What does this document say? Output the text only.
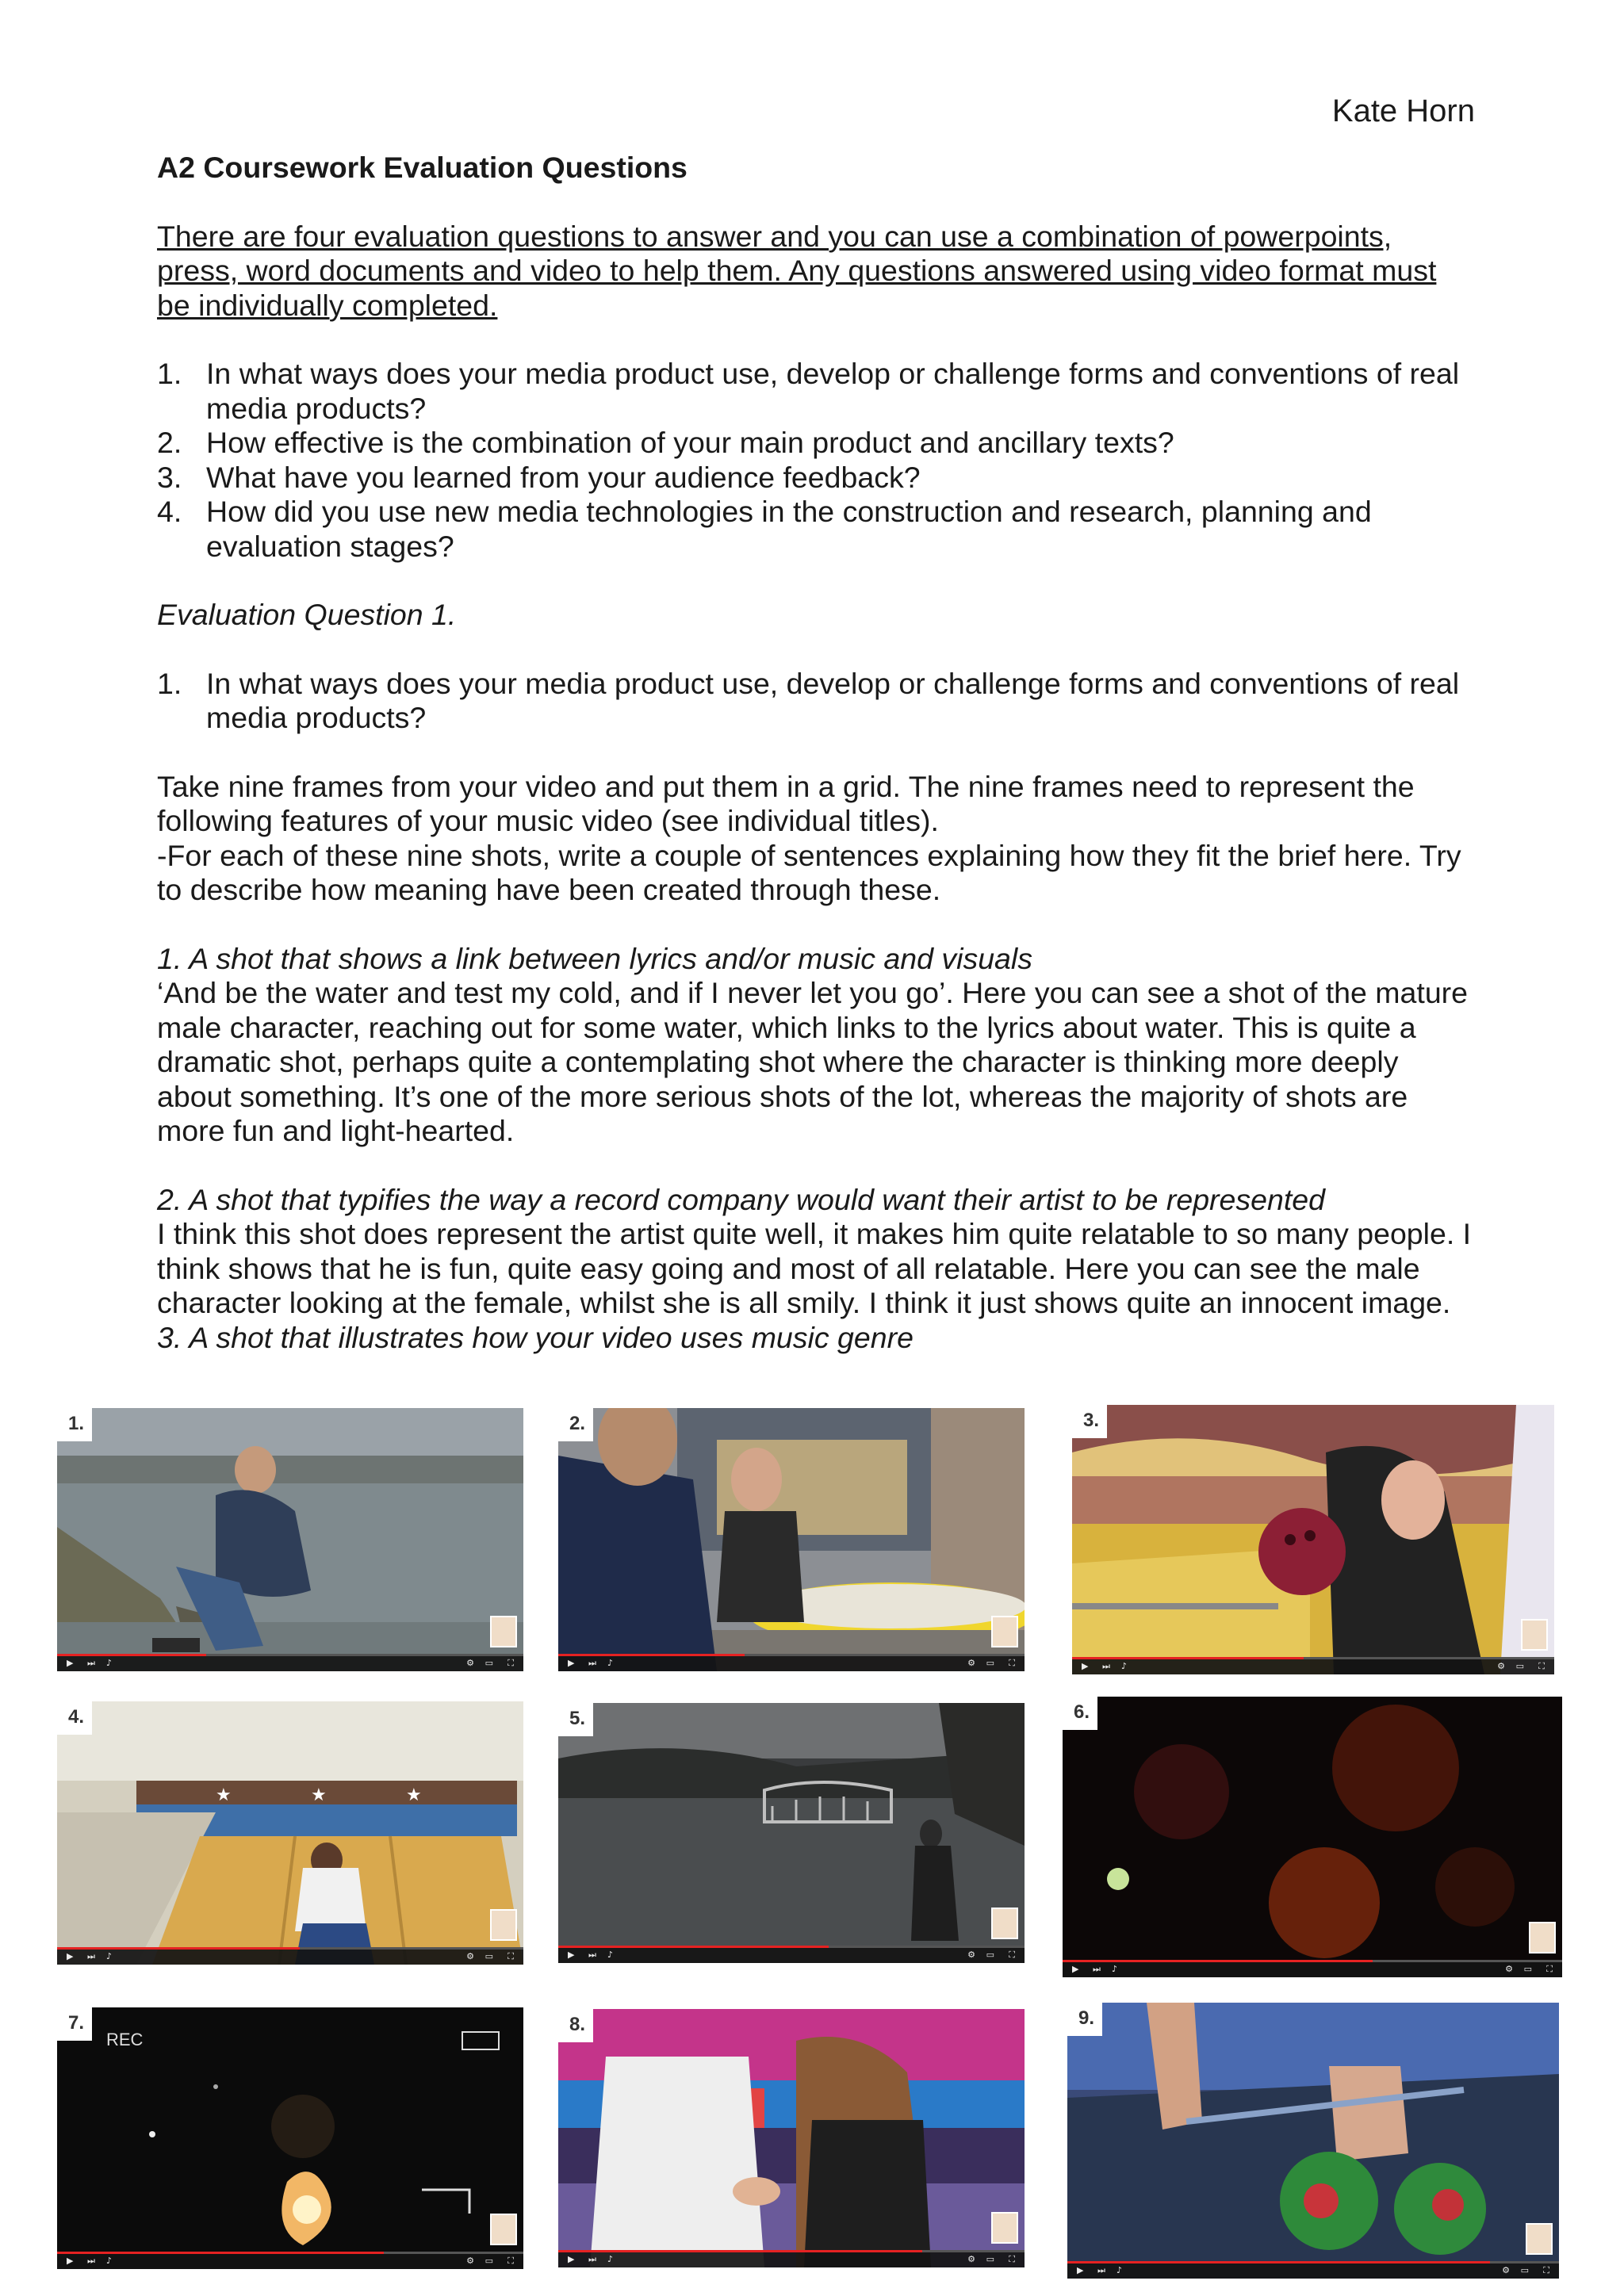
Kate Horn
A2 Coursework Evaluation Questions
There are four evaluation questions to answer and you can use a combination of powerpoints, press, word documents and video to help them. Any questions answered using video format must be individually completed.
1. In what ways does your media product use, develop or challenge forms and conventions of real media products?
2. How effective is the combination of your main product and ancillary texts?
3. What have you learned from your audience feedback?
4. How did you use new media technologies in the construction and research, planning and evaluation stages?
Evaluation Question 1.
1. In what ways does your media product use, develop or challenge forms and conventions of real media products?

Take nine frames from your video and put them in a grid. The nine frames need to represent the following features of your music video (see individual titles).

-For each of these nine shots, write a couple of sentences explaining how they fit the brief here. Try to describe how meaning have been created through these.

1. A shot that shows a link between lyrics and/or music and visuals

‘And be the water and test my cold, and if I never let you go’. Here you can see a shot of the mature male character, reaching out for some water, which links to the lyrics about water. This is quite a dramatic shot, perhaps quite a contemplating shot where the character is thinking more deeply about something. It’s one of the more serious shots of the lot, whereas the majority of shots are more fun and light-hearted.

2. A shot that typifies the way a record company would want their artist to be represented

I think this shot does represent the artist quite well, it makes him quite relatable to so many people. I think shows that he is fun, quite easy going and most of all relatable. Here you can see the male character looking at the female, whilst she is all smily. I think it just shows quite an innocent image.

3. A shot that illustrates how your video uses music genre

▶ ⏭ ♪	⚙ ▭ ⛶
1.
▶ ⏭ ♪	⚙ ▭ ⛶
2.
▶ ⏭ ♪	⚙ ▭ ⛶
3.
★	★	★
▶ ⏭ ♪	⚙ ▭ ⛶
4.
▶ ⏭ ♪	⚙ ▭ ⛶
5.
▶ ⏭ ♪	⚙ ▭ ⛶
6.
REC
▶ ⏭ ♪	⚙ ▭ ⛶
7.
▶ ⏭ ♪	⚙ ▭ ⛶
8.
▶ ⏭ ♪	⚙ ▭ ⛶
9.
